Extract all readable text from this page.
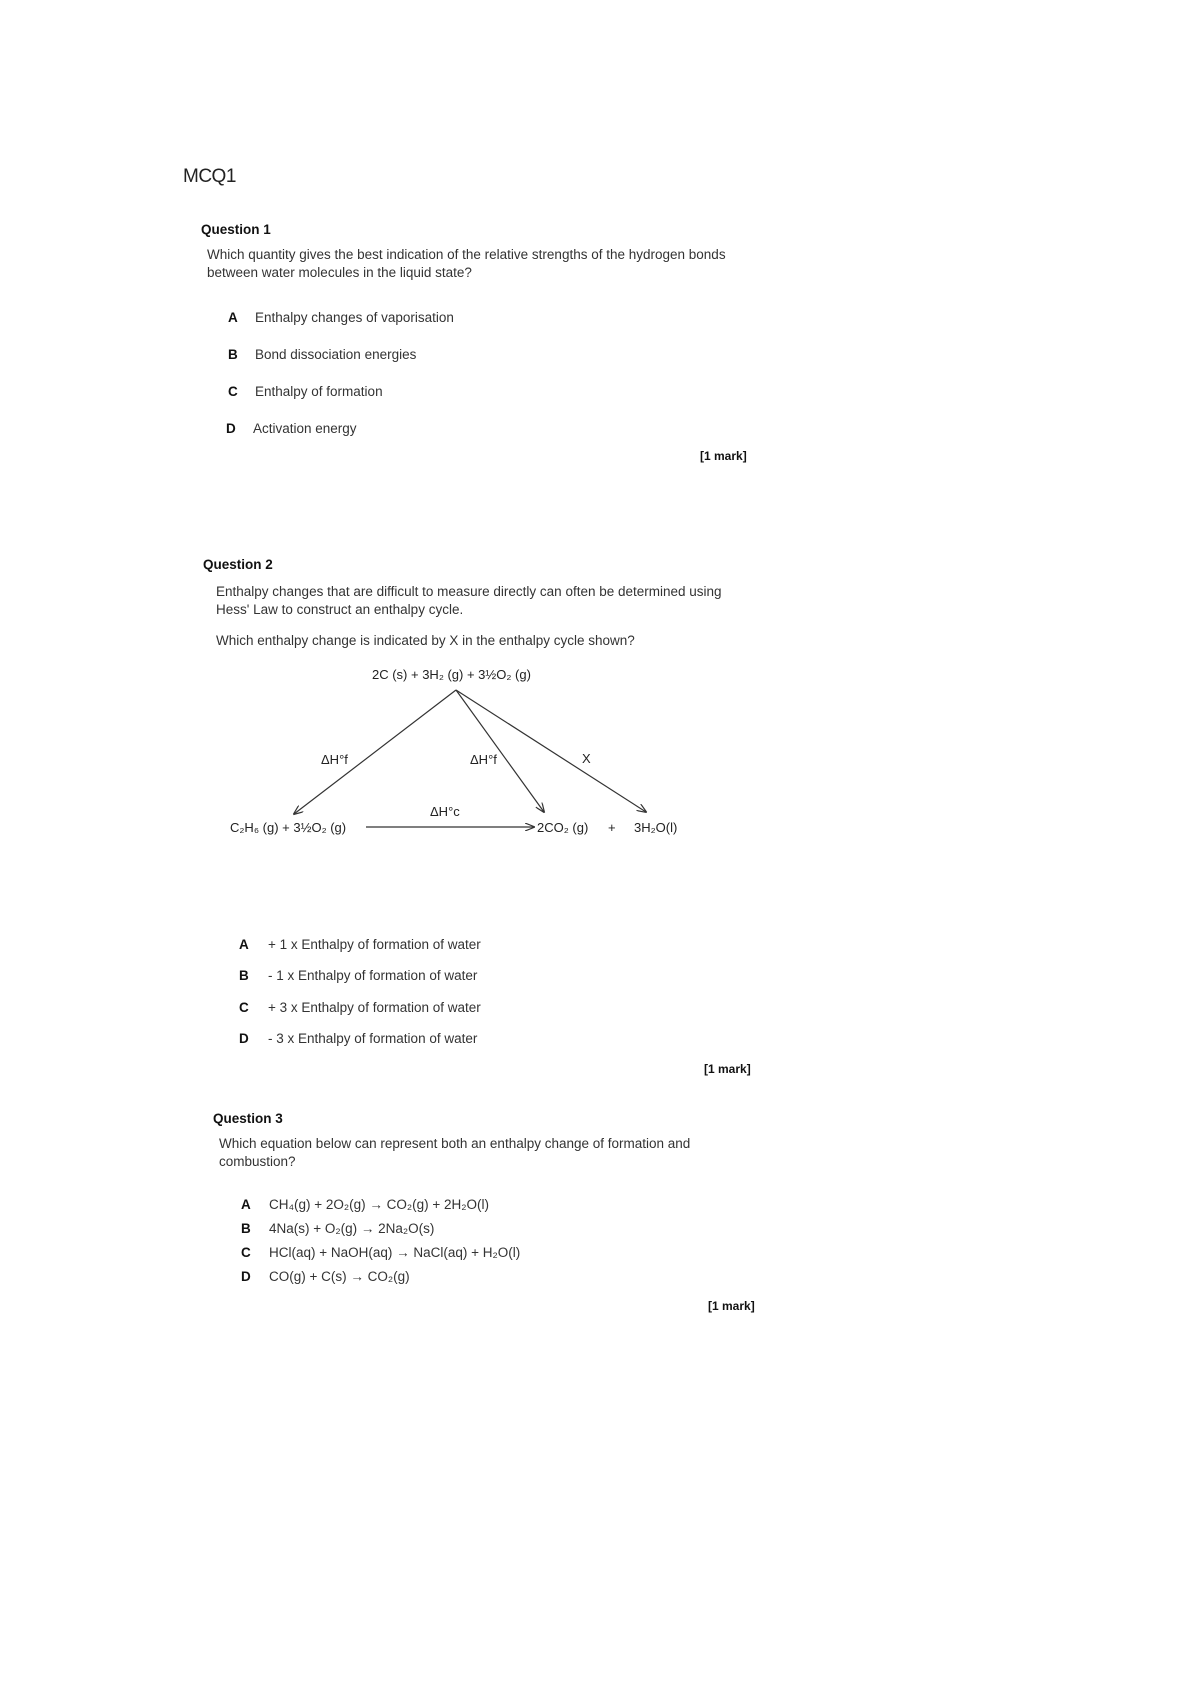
MCQ1
Question 1
Which quantity gives the best indication of the relative strengths of the hydrogen bonds between water molecules in the liquid state?
A Enthalpy changes of vaporisation
B Bond dissociation energies
C Enthalpy of formation
D Activation energy
[1 mark]
Question 2
Enthalpy changes that are difficult to measure directly can often be determined using Hess' Law to construct an enthalpy cycle.
Which enthalpy change is indicated by X in the enthalpy cycle shown?
2C (s) + 3H₂ (g) + 3½O₂ (g)
ΔH°f	ΔH°f	X
ΔH°c
C₂H₆ (g) + 3½O₂ (g)	2CO₂ (g) + 3H₂O(l)
A + 1 x Enthalpy of formation of water
B - 1 x Enthalpy of formation of water
C + 3 x Enthalpy of formation of water
D - 3 x Enthalpy of formation of water
[1 mark]
Question 3
Which equation below can represent both an enthalpy change of formation and combustion?
A CH₄(g) + 2O₂(g) → CO₂(g) + 2H₂O(l)
B 4Na(s) + O₂(g) → 2Na₂O(s)
C HCl(aq) + NaOH(aq) → NaCl(aq) + H₂O(l)
D CO(g) + C(s) → CO₂(g)
[1 mark]
